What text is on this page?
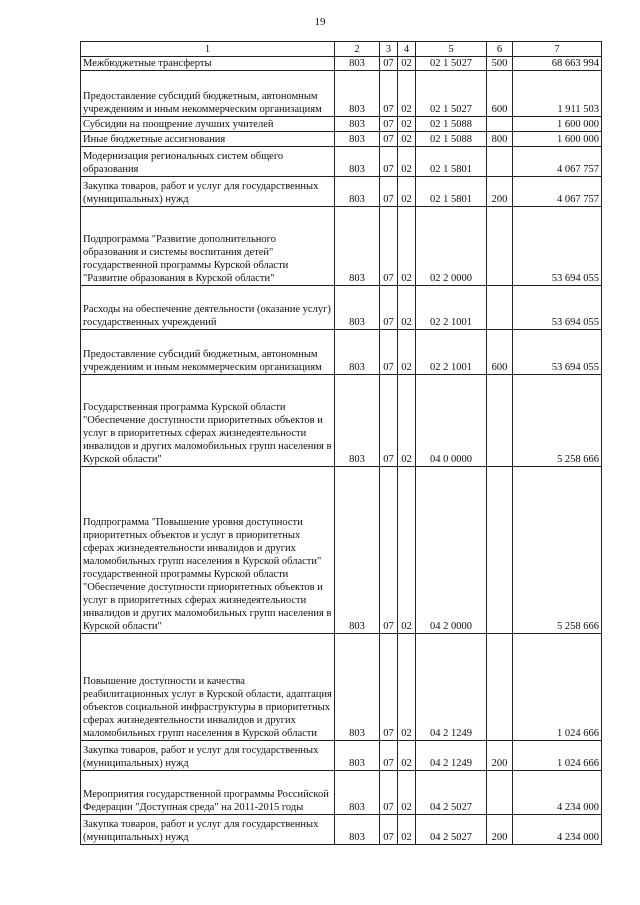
19
1	2	3	4	5	6	7
Межбюджетные трансферты	803	07	02	02 1 5027	500	68 663 994
Предоставление субсидий бюджетным, автономным учреждениям и иным некоммерческим организациям	803	07	02	02 1 5027	600	1 911 503
Субсидии на поощрение лучших учителей	803	07	02	02 1 5088		1 600 000
Иные бюджетные ассигнования	803	07	02	02 1 5088	800	1 600 000
Модернизация региональных систем общего образования	803	07	02	02 1 5801		4 067 757
Закупка товаров, работ и услуг для государственных (муниципальных) нужд	803	07	02	02 1 5801	200	4 067 757
Подпрограмма "Развитие дополнительного образования и системы воспитания детей" государственной программы Курской области "Развитие образования в Курской области"	803	07	02	02 2 0000		53 694 055
Расходы на обеспечение деятельности (оказание услуг) государственных учреждений	803	07	02	02 2 1001		53 694 055
Предоставление субсидий бюджетным, автономным учреждениям и иным некоммерческим организациям	803	07	02	02 2 1001	600	53 694 055
Государственная программа Курской области "Обеспечение доступности приоритетных объектов и услуг в приоритетных сферах жизнедеятельности инвалидов и других маломобильных групп населения в Курской области"	803	07	02	04 0 0000		5 258 666
Подпрограмма "Повышение уровня доступности приоритетных объектов и услуг в приоритетных сферах жизнедеятельности инвалидов и других маломобильных групп населения в Курской области" государственной программы Курской области "Обеспечение доступности приоритетных объектов и услуг в приоритетных сферах жизнедеятельности инвалидов и других маломобильных групп населения в Курской области"	803	07	02	04 2 0000		5 258 666
Повышение доступности и качества реабилитационных услуг в Курской области, адаптация объектов социальной инфраструктуры в приоритетных сферах жизнедеятельности инвалидов и других маломобильных групп населения в Курской области	803	07	02	04 2 1249		1 024 666
Закупка товаров, работ и услуг для государственных (муниципальных) нужд	803	07	02	04 2 1249	200	1 024 666
Мероприятия государственной программы Российской Федерации "Доступная среда" на 2011-2015 годы	803	07	02	04 2 5027		4 234 000
Закупка товаров, работ и услуг для государственных (муниципальных) нужд	803	07	02	04 2 5027	200	4 234 000
